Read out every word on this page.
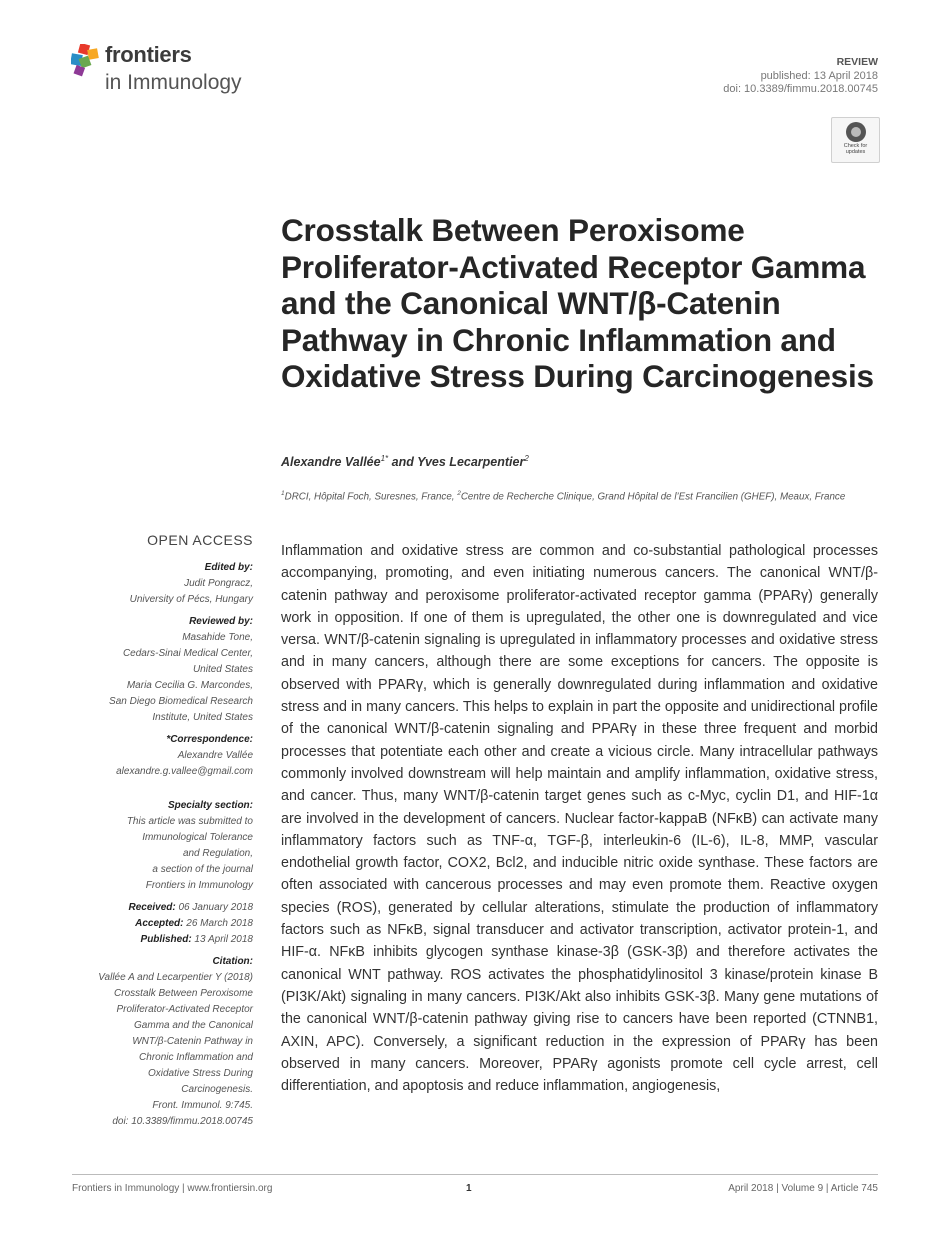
frontiers
in Immunology
REVIEW
published: 13 April 2018
doi: 10.3389/fimmu.2018.00745
Check for
updates
Crosstalk Between Peroxisome Proliferator-Activated Receptor Gamma and the Canonical WNT/β-Catenin Pathway in Chronic Inflammation and Oxidative Stress During Carcinogenesis
Alexandre Vallée$^{1*}$ and Yves Lecarpentier$^2$
$^1$DRCI, Hôpital Foch, Suresnes, France, $^2$Centre de Recherche Clinique, Grand Hôpital de l’Est Francilien (GHEF), Meaux, France
OPEN ACCESS
Edited by:
Judit Pongracz,
University of Pécs, Hungary
Reviewed by:
Masahide Tone,
Cedars-Sinai Medical Center,
United States
Maria Cecilia G. Marcondes,
San Diego Biomedical Research
Institute, United States
*Correspondence:
Alexandre Vallée
alexandre.g.vallee@gmail.com
Specialty section:
This article was submitted to
Immunological Tolerance
and Regulation,
a section of the journal
Frontiers in Immunology
Received: 06 January 2018
Accepted: 26 March 2018
Published: 13 April 2018
Citation:
Vallée A and Lecarpentier Y (2018)
Crosstalk Between Peroxisome
Proliferator-Activated Receptor
Gamma and the Canonical
WNT/β-Catenin Pathway in
Chronic Inflammation and
Oxidative Stress During
Carcinogenesis.
Front. Immunol. 9:745.
doi: 10.3389/fimmu.2018.00745

Inflammation and oxidative stress are common and co-substantial pathological processes accompanying, promoting, and even initiating numerous cancers. The canonical WNT/β-catenin pathway and peroxisome proliferator-activated receptor gamma (PPARγ) generally work in opposition. If one of them is upregulated, the other one is downregulated and vice versa. WNT/β-catenin signaling is upregulated in inflammatory processes and oxidative stress and in many cancers, although there are some exceptions for cancers. The opposite is observed with PPARγ, which is generally downregulated during inflammation and oxidative stress and in many cancers. This helps to explain in part the opposite and unidirectional profile of the canonical WNT/β-catenin signaling and PPARγ in these three frequent and morbid processes that potentiate each other and create a vicious circle. Many intracellular pathways commonly involved downstream will help maintain and amplify inflammation, oxidative stress, and cancer. Thus, many WNT/β-catenin target genes such as c-Myc, cyclin D1, and HIF-1α are involved in the development of cancers. Nuclear factor-kappaB (NFκB) can activate many inflammatory factors such as TNF-α, TGF-β, interleukin-6 (IL-6), IL-8, MMP, vascular endothelial growth factor, COX2, Bcl2, and inducible nitric oxide synthase. These factors are often associated with cancerous processes and may even promote them. Reactive oxygen species (ROS), generated by cellular alterations, stimulate the production of inflammatory factors such as NFκB, signal transducer and activator transcription, activator protein-1, and HIF-α. NFκB inhibits glycogen synthase kinase-3β (GSK-3β) and therefore activates the canonical WNT pathway. ROS activates the phosphatidylinositol 3 kinase/protein kinase B (PI3K/Akt) signaling in many cancers. PI3K/Akt also inhibits GSK-3β. Many gene mutations of the canonical WNT/β-catenin pathway giving rise to cancers have been reported (CTNNB1, AXIN, APC). Conversely, a significant reduction in the expression of PPARγ has been observed in many cancers. Moreover, PPARγ agonists promote cell cycle arrest, cell differentiation, and apoptosis and reduce inflammation, angiogenesis,

Frontiers in Immunology | www.frontiersin.org	1	April 2018 | Volume 9 | Article 745
